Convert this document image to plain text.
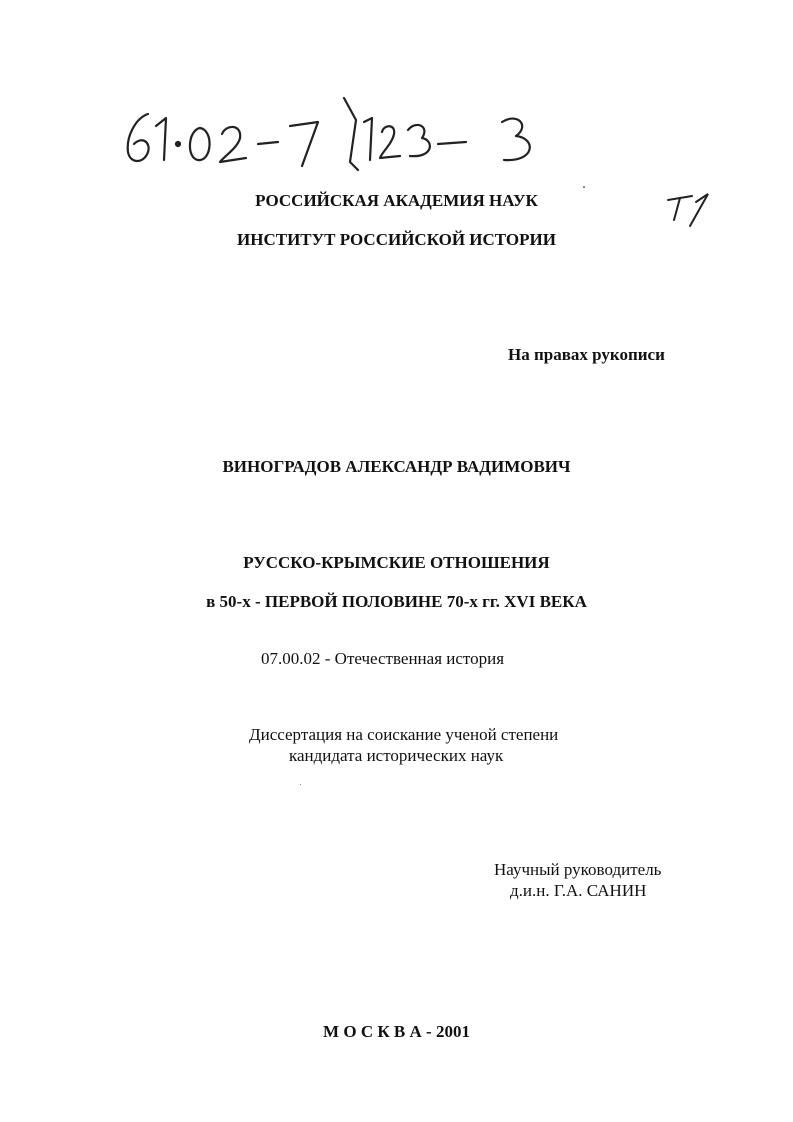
РОССИЙСКАЯ АКАДЕМИЯ НАУК
ИНСТИТУТ РОССИЙСКОЙ ИСТОРИИ
На правах рукописи
ВИНОГРАДОВ АЛЕКСАНДР ВАДИМОВИЧ
РУССКО-КРЫМСКИЕ ОТНОШЕНИЯ
в 50-х - ПЕРВОЙ ПОЛОВИНЕ 70-х гг. XVI ВЕКА
07.00.02 - Отечественная история
Диссертация на соискание ученой степени
кандидата исторических наук
Научный руководитель
д.и.н. Г.А. САНИН
М О С К В А - 2001
